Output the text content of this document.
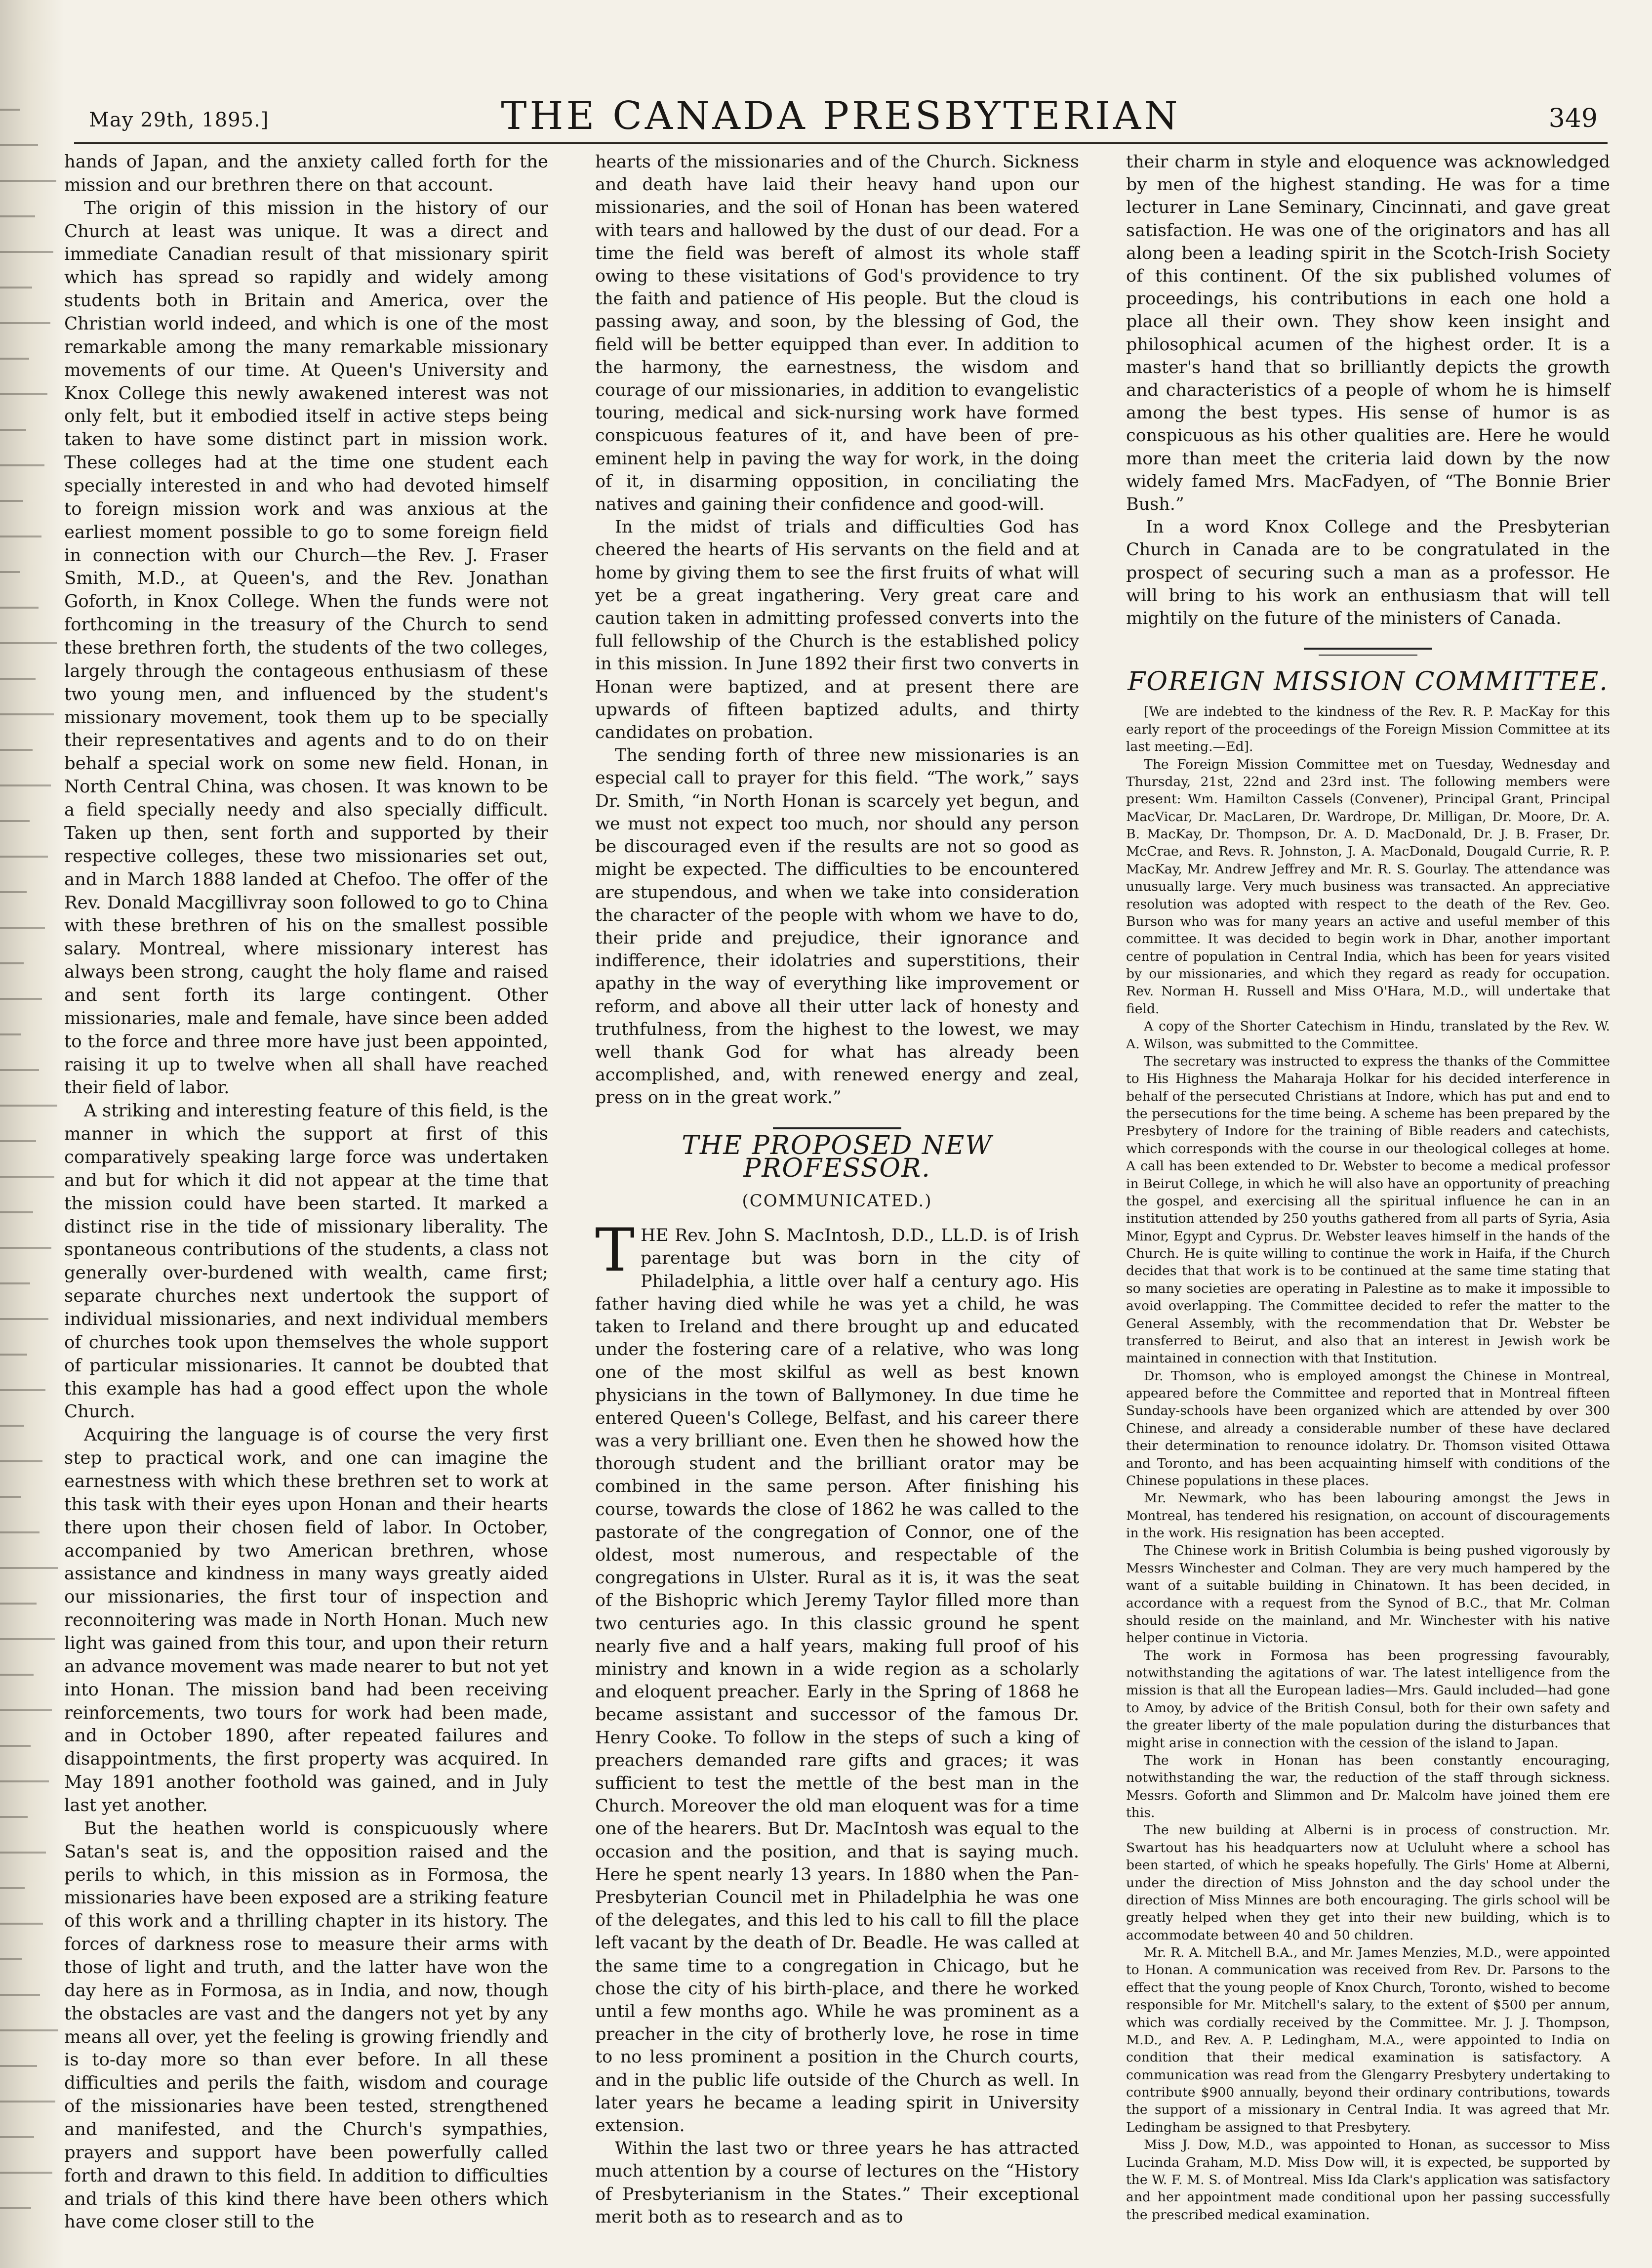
May 29th, 1895.]	THE CANADA PRESBYTERIAN	349

hands of Japan, and the anxiety called forth for the mission and our brethren there on that account.

The origin of this mission in the history of our Church at least was unique. It was a direct and immediate Canadian result of that missionary spirit which has spread so rapidly and widely among students both in Britain and America, over the Christian world indeed, and which is one of the most remarkable among the many remarkable missionary movements of our time. At Queen's University and Knox College this newly awakened interest was not only felt, but it embodied itself in active steps being taken to have some distinct part in mission work. These colleges had at the time one student each specially interested in and who had devoted himself to foreign mission work and was anxious at the earliest moment possible to go to some foreign field in connection with our Church—the Rev. J. Fraser Smith, M.D., at Queen's, and the Rev. Jonathan Goforth, in Knox College. When the funds were not forthcoming in the treasury of the Church to send these brethren forth, the students of the two colleges, largely through the contageous enthusiasm of these two young men, and influenced by the student's missionary movement, took them up to be specially their representatives and agents and to do on their behalf a special work on some new field. Honan, in North Central China, was chosen. It was known to be a field specially needy and also specially difficult. Taken up then, sent forth and supported by their respective colleges, these two missionaries set out, and in March 1888 landed at Chefoo. The offer of the Rev. Donald Macgillivray soon followed to go to China with these brethren of his on the smallest possible salary. Montreal, where missionary interest has always been strong, caught the holy flame and raised and sent forth its large contingent. Other missionaries, male and female, have since been added to the force and three more have just been appointed, raising it up to twelve when all shall have reached their field of labor.

A striking and interesting feature of this field, is the manner in which the support at first of this comparatively speaking large force was undertaken and but for which it did not appear at the time that the mission could have been started. It marked a distinct rise in the tide of missionary liberality. The spontaneous contributions of the students, a class not generally over-burdened with wealth, came first; separate churches next undertook the support of individual missionaries, and next individual members of churches took upon themselves the whole support of particular missionaries. It cannot be doubted that this example has had a good effect upon the whole Church.

Acquiring the language is of course the very first step to practical work, and one can imagine the earnestness with which these brethren set to work at this task with their eyes upon Honan and their hearts there upon their chosen field of labor. In October, accompanied by two American brethren, whose assistance and kindness in many ways greatly aided our missionaries, the first tour of inspection and reconnoitering was made in North Honan. Much new light was gained from this tour, and upon their return an advance movement was made nearer to but not yet into Honan. The mission band had been receiving reinforcements, two tours for work had been made, and in October 1890, after repeated failures and disappointments, the first property was acquired. In May 1891 another foothold was gained, and in July last yet another.

But the heathen world is conspicuously where Satan's seat is, and the opposition raised and the perils to which, in this mission as in Formosa, the missionaries have been exposed are a striking feature of this work and a thrilling chapter in its history. The forces of darkness rose to measure their arms with those of light and truth, and the latter have won the day here as in Formosa, as in India, and now, though the obstacles are vast and the dangers not yet by any means all over, yet the feeling is growing friendly and is to-day more so than ever before. In all these difficulties and perils the faith, wisdom and courage of the missionaries have been tested, strengthened and manifested, and the Church's sympathies, prayers and support have been powerfully called forth and drawn to this field. In addition to difficulties and trials of this kind there have been others which have come closer still to the

hearts of the missionaries and of the Church. Sickness and death have laid their heavy hand upon our missionaries, and the soil of Honan has been watered with tears and hallowed by the dust of our dead. For a time the field was bereft of almost its whole staff owing to these visitations of God's providence to try the faith and patience of His people. But the cloud is passing away, and soon, by the blessing of God, the field will be better equipped than ever. In addition to the harmony, the earnestness, the wisdom and courage of our missionaries, in addition to evangelistic touring, medical and sick-nursing work have formed conspicuous features of it, and have been of pre-eminent help in paving the way for work, in the doing of it, in disarming opposition, in conciliating the natives and gaining their confidence and good-will.

In the midst of trials and difficulties God has cheered the hearts of His servants on the field and at home by giving them to see the first fruits of what will yet be a great ingathering. Very great care and caution taken in admitting professed converts into the full fellowship of the Church is the established policy in this mission. In June 1892 their first two converts in Honan were baptized, and at present there are upwards of fifteen baptized adults, and thirty candidates on probation.

The sending forth of three new missionaries is an especial call to prayer for this field. “The work,” says Dr. Smith, “in North Honan is scarcely yet begun, and we must not expect too much, nor should any person be discouraged even if the results are not so good as might be expected. The difficulties to be encountered are stupendous, and when we take into consideration the character of the people with whom we have to do, their pride and prejudice, their ignorance and indifference, their idolatries and superstitions, their apathy in the way of everything like improvement or reform, and above all their utter lack of honesty and truthfulness, from the highest to the lowest, we may well thank God for what has already been accomplished, and, with renewed energy and zeal, press on in the great work.”

THE PROPOSED NEW PROFESSOR.
(COMMUNICATED.)

THE Rev. John S. MacIntosh, D.D., LL.D. is of Irish parentage but was born in the city of Philadelphia, a little over half a century ago. His father having died while he was yet a child, he was taken to Ireland and there brought up and educated under the fostering care of a relative, who was long one of the most skilful as well as best known physicians in the town of Ballymoney. In due time he entered Queen's College, Belfast, and his career there was a very brilliant one. Even then he showed how the thorough student and the brilliant orator may be combined in the same person. After finishing his course, towards the close of 1862 he was called to the pastorate of the congregation of Connor, one of the oldest, most numerous, and respectable of the congregations in Ulster. Rural as it is, it was the seat of the Bishopric which Jeremy Taylor filled more than two centuries ago. In this classic ground he spent nearly five and a half years, making full proof of his ministry and known in a wide region as a scholarly and eloquent preacher. Early in the Spring of 1868 he became assistant and successor of the famous Dr. Henry Cooke. To follow in the steps of such a king of preachers demanded rare gifts and graces; it was sufficient to test the mettle of the best man in the Church. Moreover the old man eloquent was for a time one of the hearers. But Dr. MacIntosh was equal to the occasion and the position, and that is saying much. Here he spent nearly 13 years. In 1880 when the Pan-Presbyterian Council met in Philadelphia he was one of the delegates, and this led to his call to fill the place left vacant by the death of Dr. Beadle. He was called at the same time to a congregation in Chicago, but he chose the city of his birth-place, and there he worked until a few months ago. While he was prominent as a preacher in the city of brotherly love, he rose in time to no less prominent a position in the Church courts, and in the public life outside of the Church as well. In later years he became a leading spirit in University extension.

Within the last two or three years he has attracted much attention by a course of lectures on the “History of Presbyterianism in the States.” Their exceptional merit both as to research and as to

their charm in style and eloquence was acknowledged by men of the highest standing. He was for a time lecturer in Lane Seminary, Cincinnati, and gave great satisfaction. He was one of the originators and has all along been a leading spirit in the Scotch-Irish Society of this continent. Of the six published volumes of proceedings, his contributions in each one hold a place all their own. They show keen insight and philosophical acumen of the highest order. It is a master's hand that so brilliantly depicts the growth and characteristics of a people of whom he is himself among the best types. His sense of humor is as conspicuous as his other qualities are. Here he would more than meet the criteria laid down by the now widely famed Mrs. MacFadyen, of “The Bonnie Brier Bush.”

In a word Knox College and the Presbyterian Church in Canada are to be congratulated in the prospect of securing such a man as a professor. He will bring to his work an enthusiasm that will tell mightily on the future of the ministers of Canada.

FOREIGN MISSION COMMITTEE.

[We are indebted to the kindness of the Rev. R. P. MacKay for this early report of the proceedings of the Foreign Mission Committee at its last meeting.—Ed].

The Foreign Mission Committee met on Tuesday, Wednesday and Thursday, 21st, 22nd and 23rd inst. The following members were present: Wm. Hamilton Cassels (Convener), Principal Grant, Principal MacVicar, Dr. MacLaren, Dr. Wardrope, Dr. Milligan, Dr. Moore, Dr. A. B. MacKay, Dr. Thompson, Dr. A. D. MacDonald, Dr. J. B. Fraser, Dr. McCrae, and Revs. R. Johnston, J. A. MacDonald, Dougald Currie, R. P. MacKay, Mr. Andrew Jeffrey and Mr. R. S. Gourlay. The attendance was unusually large. Very much business was transacted. An appreciative resolution was adopted with respect to the death of the Rev. Geo. Burson who was for many years an active and useful member of this committee. It was decided to begin work in Dhar, another important centre of population in Central India, which has been for years visited by our missionaries, and which they regard as ready for occupation. Rev. Norman H. Russell and Miss O'Hara, M.D., will undertake that field.

A copy of the Shorter Catechism in Hindu, translated by the Rev. W. A. Wilson, was submitted to the Committee.

The secretary was instructed to express the thanks of the Committee to His Highness the Maharaja Holkar for his decided interference in behalf of the persecuted Christians at Indore, which has put and end to the persecutions for the time being. A scheme has been prepared by the Presbytery of Indore for the training of Bible readers and catechists, which corresponds with the course in our theological colleges at home. A call has been extended to Dr. Webster to become a medical professor in Beirut College, in which he will also have an opportunity of preaching the gospel, and exercising all the spiritual influence he can in an institution attended by 250 youths gathered from all parts of Syria, Asia Minor, Egypt and Cyprus. Dr. Webster leaves himself in the hands of the Church. He is quite willing to continue the work in Haifa, if the Church decides that that work is to be continued at the same time stating that so many societies are operating in Palestine as to make it impossible to avoid overlapping. The Committee decided to refer the matter to the General Assembly, with the recommendation that Dr. Webster be transferred to Beirut, and also that an interest in Jewish work be maintained in connection with that Institution.

Dr. Thomson, who is employed amongst the Chinese in Montreal, appeared before the Committee and reported that in Montreal fifteen Sunday-schools have been organized which are attended by over 300 Chinese, and already a considerable number of these have declared their determination to renounce idolatry. Dr. Thomson visited Ottawa and Toronto, and has been acquainting himself with conditions of the Chinese populations in these places.

Mr. Newmark, who has been labouring amongst the Jews in Montreal, has tendered his resignation, on account of discouragements in the work. His resignation has been accepted.

The Chinese work in British Columbia is being pushed vigorously by Messrs Winchester and Colman. They are very much hampered by the want of a suitable building in Chinatown. It has been decided, in accordance with a request from the Synod of B.C., that Mr. Colman should reside on the mainland, and Mr. Winchester with his native helper continue in Victoria.

The work in Formosa has been progressing favourably, notwithstanding the agitations of war. The latest intelligence from the mission is that all the European ladies—Mrs. Gauld included—had gone to Amoy, by advice of the British Consul, both for their own safety and the greater liberty of the male population during the disturbances that might arise in connection with the cession of the island to Japan.

The work in Honan has been constantly encouraging, notwithstanding the war, the reduction of the staff through sickness. Messrs. Goforth and Slimmon and Dr. Malcolm have joined them ere this.

The new building at Alberni is in process of construction. Mr. Swartout has his headquarters now at Ucluluht where a school has been started, of which he speaks hopefully. The Girls' Home at Alberni, under the direction of Miss Johnston and the day school under the direction of Miss Minnes are both encouraging. The girls school will be greatly helped when they get into their new building, which is to accommodate between 40 and 50 children.

Mr. R. A. Mitchell B.A., and Mr. James Menzies, M.D., were appointed to Honan. A communication was received from Rev. Dr. Parsons to the effect that the young people of Knox Church, Toronto, wished to become responsible for Mr. Mitchell's salary, to the extent of $500 per annum, which was cordially received by the Committee. Mr. J. J. Thompson, M.D., and Rev. A. P. Ledingham, M.A., were appointed to India on condition that their medical examination is satisfactory. A communication was read from the Glengarry Presbytery undertaking to contribute $900 annually, beyond their ordinary contributions, towards the support of a missionary in Central India. It was agreed that Mr. Ledingham be assigned to that Presbytery.

Miss J. Dow, M.D., was appointed to Honan, as successor to Miss Lucinda Graham, M.D. Miss Dow will, it is expected, be supported by the W. F. M. S. of Montreal. Miss Ida Clark's application was satisfactory and her appointment made conditional upon her passing successfully the prescribed medical examination.
